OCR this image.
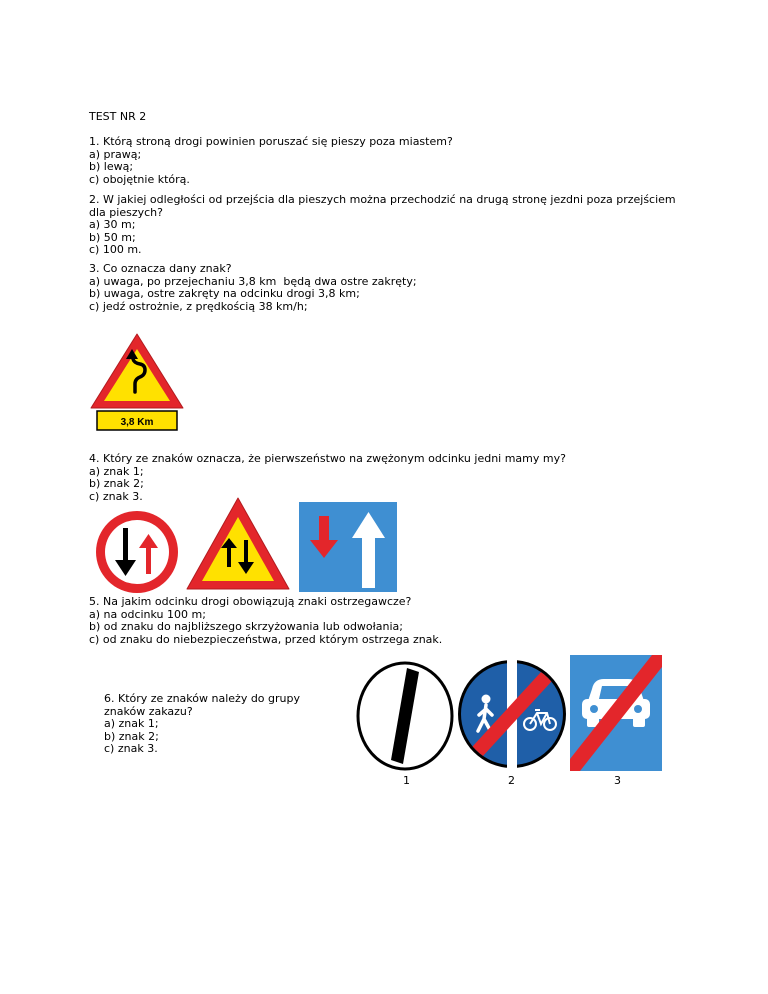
TEST NR 2
1. Którą stroną drogi powinien poruszać się pieszy poza miastem?
a) prawą;
b) lewą;
c) obojętnie którą.
2. W jakiej odległości od przejścia dla pieszych można przechodzić na drugą stronę jezdni poza przejściem dla pieszych?
a) 30 m;
b) 50 m;
c) 100 m.
3. Co oznacza dany znak?
a) uwaga, po przejechaniu 3,8 km  będą dwa ostre zakręty;
b) uwaga, ostre zakręty na odcinku drogi 3,8 km;
c) jedź ostrożnie, z prędkością 38 km/h;
3,8 Km
4. Który ze znaków oznacza, że pierwszeństwo na zwężonym odcinku jedni mamy my?
a) znak 1;
b) znak 2;
c) znak 3.
5. Na jakim odcinku drogi obowiązują znaki ostrzegawcze?
a) na odcinku 100 m;
b) od znaku do najbliższego skrzyżowania lub odwołania;
c) od znaku do niebezpieczeństwa, przed którym ostrzega znak.
6. Który ze znaków należy do grupy znaków zakazu?
a) znak 1;
b) znak 2;
c) znak 3.
1	2	3
